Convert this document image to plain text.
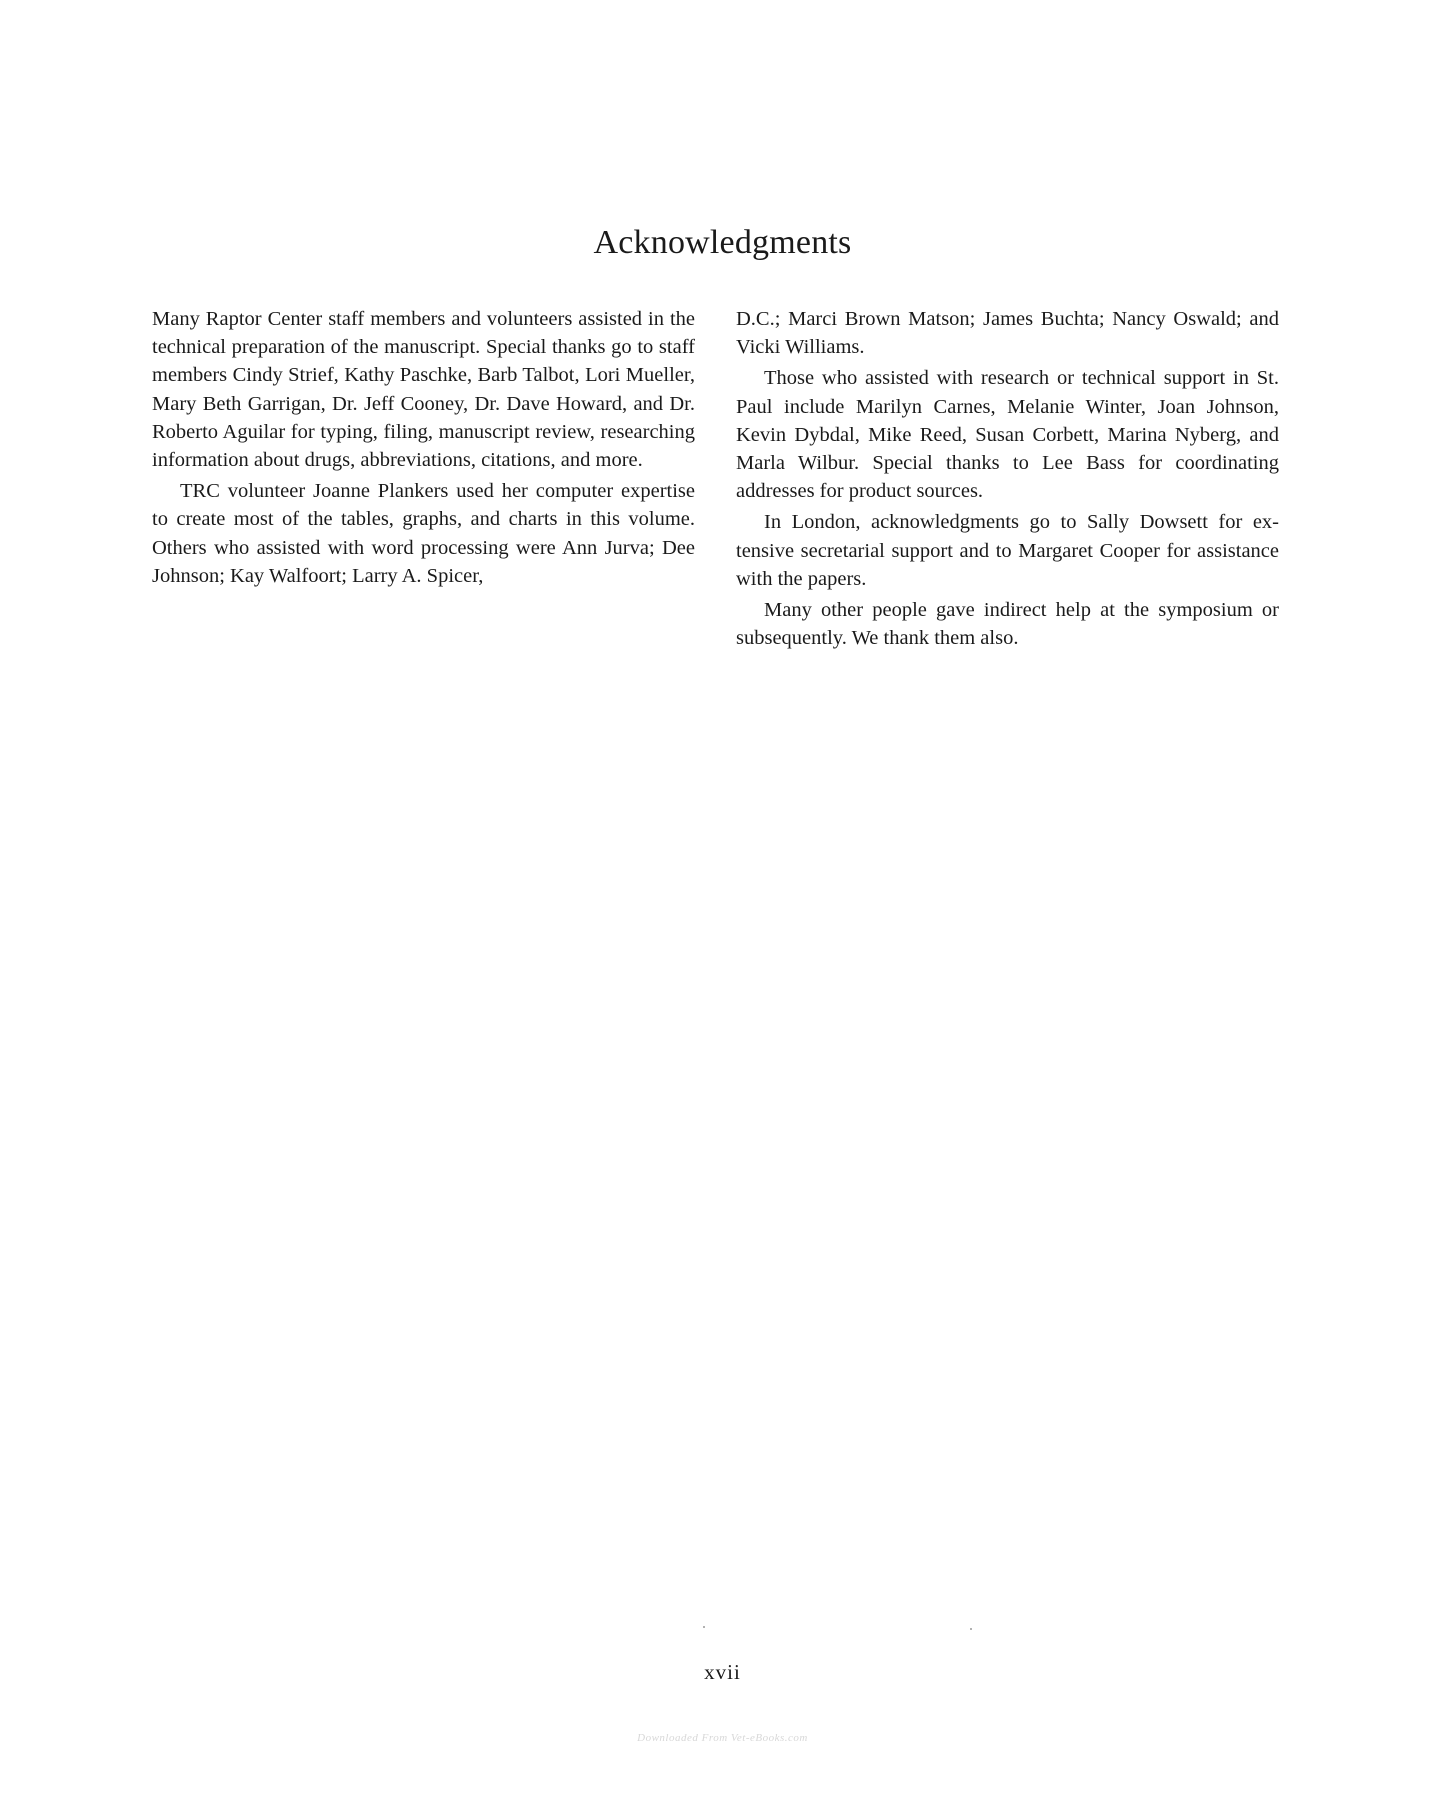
Acknowledgments

Many Raptor Center staff members and volunteers assisted in the technical preparation of the manuscript. Special thanks go to staff members Cindy Strief, Kathy Paschke, Barb Talbot, Lori Mueller, Mary Beth Garrigan, Dr. Jeff Cooney, Dr. Dave Howard, and Dr. Roberto Aguilar for typing, filing, manuscript review, researching information about drugs, abbreviations, citations, and more.

TRC volunteer Joanne Plankers used her computer expertise to create most of the tables, graphs, and charts in this volume. Others who assisted with word processing were Ann Jurva; Dee Johnson; Kay Walfoort; Larry A. Spicer,

D.C.; Marci Brown Matson; James Buchta; Nancy Oswald; and Vicki Williams.

Those who assisted with research or technical support in St. Paul include Marilyn Carnes, Melanie Winter, Joan Johnson, Kevin Dybdal, Mike Reed, Susan Corbett, Marina Nyberg, and Marla Wilbur. Special thanks to Lee Bass for coordinating addresses for product sources.

In London, acknowledgments go to Sally Dowsett for extensive secretarial support and to Margaret Cooper for assistance with the papers.

Many other people gave indirect help at the symposium or subsequently. We thank them also.

xvii
Downloaded From Vet-eBooks.com
